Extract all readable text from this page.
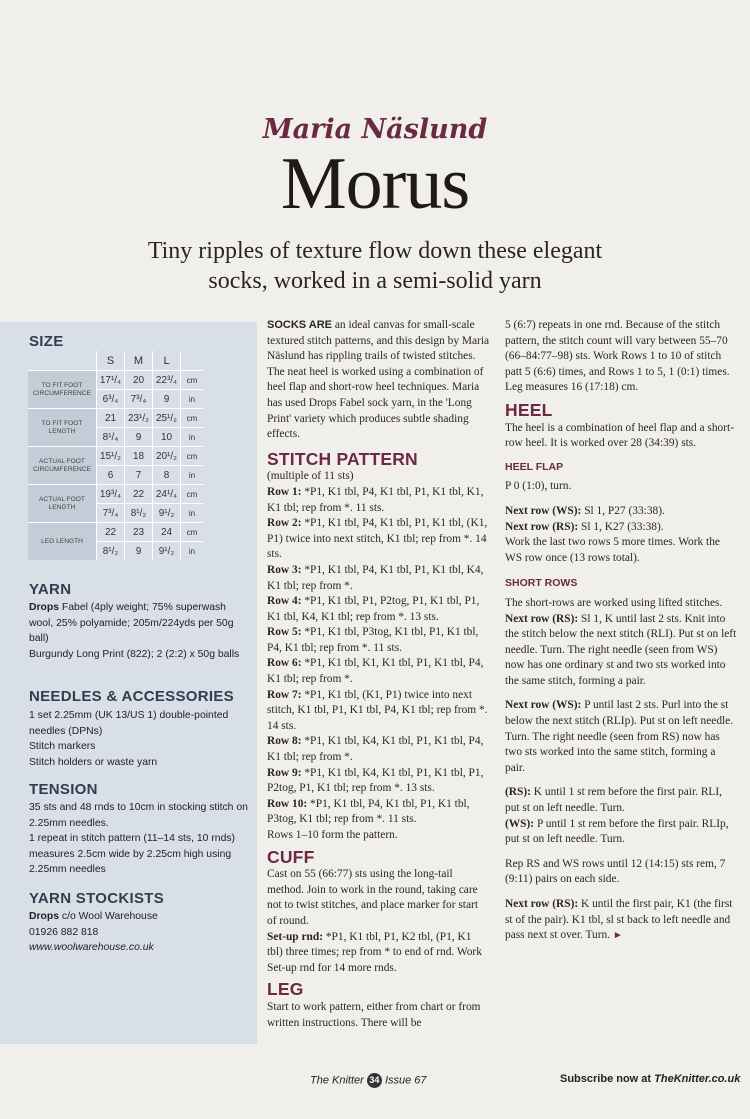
Maria Näslund
Morus
Tiny ripples of texture flow down these elegant
socks, worked in a semi-solid yarn
SIZE
	S	M	L	
TO FIT FOOT CIRCUMFERENCE	17¹/₄	20	22³/₄	cm
	6³/₄	7³/₄	9	in
TO FIT FOOT LENGTH	21	23¹/₂	25¹/₂	cm
	8¹/₄	9	10	in
ACTUAL FOOT CIRCUMFERENCE	15¹/₂	18	20¹/₂	cm
	6	7	8	in
ACTUAL FOOT LENGTH	19³/₄	22	24¹/₄	cm
	7³/₄	8¹/₂	9¹/₂	in
LEG LENGTH	22	23	24	cm
	8¹/₂	9	9¹/₂	in
YARN
Drops Fabel (4ply weight; 75% superwash wool, 25% polyamide; 205m/224yds per 50g ball)
Burgundy Long Print (822); 2 (2:2) x 50g balls
NEEDLES & ACCESSORIES
1 set 2.25mm (UK 13/US 1) double-pointed needles (DPNs)
Stitch markers
Stitch holders or waste yarn
TENSION
35 sts and 48 rnds to 10cm in stocking stitch on 2.25mm needles.
1 repeat in stitch pattern (11–14 sts, 10 rnds) measures 2.5cm wide by 2.25cm high using 2.25mm needles
YARN STOCKISTS
Drops c/o Wool Warehouse
01926 882 818
www.woolwarehouse.co.uk

SOCKS ARE an ideal canvas for small-scale textured stitch patterns, and this design by Maria Näslund has rippling trails of twisted stitches. The neat heel is worked using a combination of heel flap and short-row heel techniques. Maria has used Drops Fabel sock yarn, in the 'Long Print' variety which produces subtle shading effects.

STITCH PATTERN

(multiple of 11 sts)

Row 1: *P1, K1 tbl, P4, K1 tbl, P1, K1 tbl, K1, K1 tbl; rep from *. 11 sts.

Row 2: *P1, K1 tbl, P4, K1 tbl, P1, K1 tbl, (K1, P1) twice into next stitch, K1 tbl; rep from *. 14 sts.

Row 3: *P1, K1 tbl, P4, K1 tbl, P1, K1 tbl, K4, K1 tbl; rep from *.

Row 4: *P1, K1 tbl, P1, P2tog, P1, K1 tbl, P1, K1 tbl, K4, K1 tbl; rep from *. 13 sts.

Row 5: *P1, K1 tbl, P3tog, K1 tbl, P1, K1 tbl, P4, K1 tbl; rep from *. 11 sts.

Row 6: *P1, K1 tbl, K1, K1 tbl, P1, K1 tbl, P4, K1 tbl; rep from *.

Row 7: *P1, K1 tbl, (K1, P1) twice into next stitch, K1 tbl, P1, K1 tbl, P4, K1 tbl; rep from *. 14 sts.

Row 8: *P1, K1 tbl, K4, K1 tbl, P1, K1 tbl, P4, K1 tbl; rep from *.

Row 9: *P1, K1 tbl, K4, K1 tbl, P1, K1 tbl, P1, P2tog, P1, K1 tbl; rep from *. 13 sts.

Row 10: *P1, K1 tbl, P4, K1 tbl, P1, K1 tbl, P3tog, K1 tbl; rep from *. 11 sts.

Rows 1–10 form the pattern.

CUFF

Cast on 55 (66:77) sts using the long-tail method. Join to work in the round, taking care not to twist stitches, and place marker for start of round.

Set-up rnd: *P1, K1 tbl, P1, K2 tbl, (P1, K1 tbl) three times; rep from * to end of rnd. Work Set-up rnd for 14 more rnds.

LEG

Start to work pattern, either from chart or from written instructions. There will be

5 (6:7) repeats in one rnd. Because of the stitch pattern, the stitch count will vary between 55–70 (66–84:77–98) sts. Work Rows 1 to 10 of stitch patt 5 (6:6) times, and Rows 1 to 5, 1 (0:1) times. Leg measures 16 (17:18) cm.

HEEL

The heel is a combination of heel flap and a short-row heel. It is worked over 28 (34:39) sts.

HEEL FLAP

P 0 (1:0), turn.

Next row (WS): Sl 1, P27 (33:38).

Next row (RS): Sl 1, K27 (33:38).

Work the last two rows 5 more times. Work the WS row once (13 rows total).

SHORT ROWS

The short-rows are worked using lifted stitches.

Next row (RS): Sl 1, K until last 2 sts. Knit into the stitch below the next stitch (RLI). Put st on left needle. Turn. The right needle (seen from WS) now has one ordinary st and two sts worked into the same stitch, forming a pair.

Next row (WS): P until last 2 sts. Purl into the st below the next stitch (RLIp). Put st on left needle. Turn. The right needle (seen from RS) now has two sts worked into the same stitch, forming a pair.

(RS): K until 1 st rem before the first pair. RLI, put st on left needle. Turn.

(WS): P until 1 st rem before the first pair. RLIp, put st on left needle. Turn.

Rep RS and WS rows until 12 (14:15) sts rem, 7 (9:11) pairs on each side.

Next row (RS): K until the first pair, K1 (the first st of the pair). K1 tbl, sl st back to left needle and pass next st over. Turn. ►

The Knitter 34 Issue 67	Subscribe now at TheKnitter.co.uk
